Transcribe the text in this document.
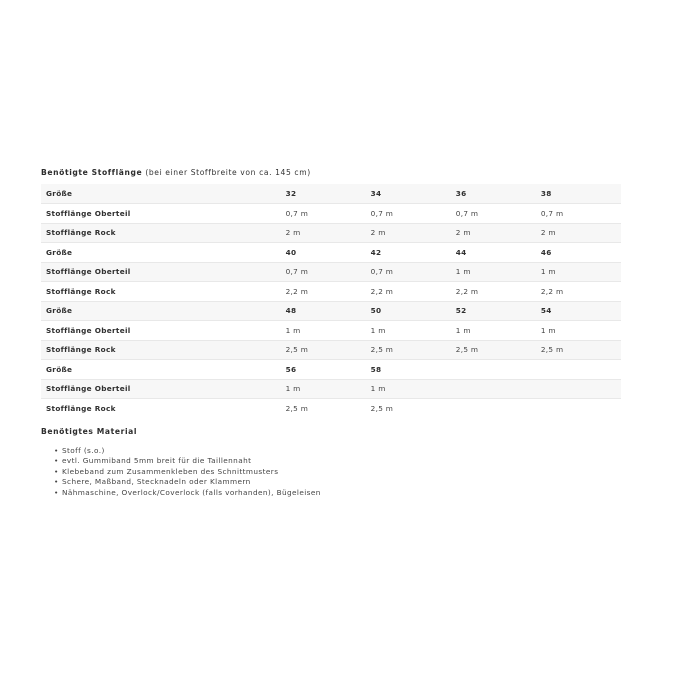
Benötigte Stofflänge (bei einer Stoffbreite von ca. 145 cm)

Größe	32	34	36	38
Stofflänge Oberteil	0,7 m	0,7 m	0,7 m	0,7 m
Stofflänge Rock	2 m	2 m	2 m	2 m
Größe	40	42	44	46
Stofflänge Oberteil	0,7 m	0,7 m	1 m	1 m
Stofflänge Rock	2,2 m	2,2 m	2,2 m	2,2 m
Größe	48	50	52	54
Stofflänge Oberteil	1 m	1 m	1 m	1 m
Stofflänge Rock	2,5 m	2,5 m	2,5 m	2,5 m
Größe	56	58		
Stofflänge Oberteil	1 m	1 m		
Stofflänge Rock	2,5 m	2,5 m		

Benötigtes Material

• Stoff (s.o.)
• evtl. Gummiband 5mm breit für die Taillennaht
• Klebeband zum Zusammenkleben des Schnittmusters
• Schere, Maßband, Stecknadeln oder Klammern
• Nähmaschine, Overlock/Coverlock (falls vorhanden), Bügeleisen
